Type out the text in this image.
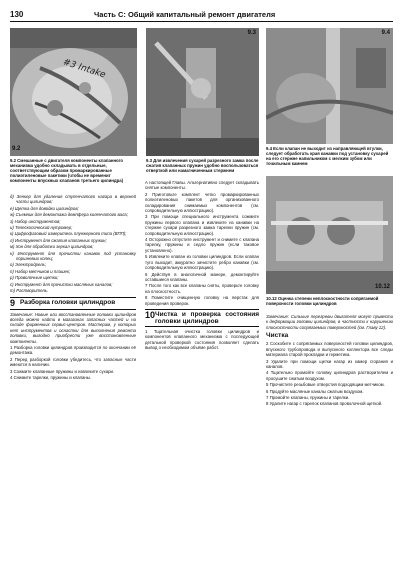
130	Часть С: Общий капитальный ремонт двигателя
#3 Intake
9.2
9.2 Смешанные с двигателя компоненты клапанного механизма удобно складывать в отдельные, соответствующим образом промаркированные полиэтиленовые пакетики (чтобы не временит компоненты впускных клапанов третьего цилиндра)
9.3
9.3 Для извлечения сухарей разрезного замка после сжатия клапанных пружин удобно воспользоваться отверткой или намагниченным стержнем
9.4
9.4 Если клапан не выходит из направляющей втулки, следует обработать края канавки под установку сухарей на его стержне напильником с мелким зубом или точильным камнем
10.12
10.12 Оценка степени неплоскостности сопрягаемой поверхности головки цилиндров

д) Зенкер для удаления ступенчатого нагара в верхней части цилиндров;

е) Щетка для доводки цилиндров;

ж) Съемник для демонтажа демпфера коленчатого вала;

з) Набор инструментов;

и) Телескопический нутромер;

к) Цифрофазовый измеритель плунжерного типа (ВПП);

л) Инструмент для сжатия клапанных пружин;

м) Хон для обработки зеркал цилиндров;

н) Инструмент для прочистки канавок под установку поршневых колец;

о) Электродрель;

п) Набор метчиков и плашек;

р) Проволочные щетки;

с) Инструмент для прочистки масляных каналов;

т) Растворитель.

9 Разборка головки цилиндров

Замечание: Новые или восстановленные головки цилиндров всегда можно найти в магазинах запасных частей и на складе фирменных сервис-центров. Мастерам, у которых нет инструментов и оснастки для выполнения ремонта головки, выгодно приобрести уже восстановленные компоненты.

1 Разборка головки цилиндров производится по окончании её демонтажа.

2 Перед разборкой головки убедитесь, что запасные части имеются в наличии.

3 Сожмите клапанные пружины и извлеките сухари.

4 Снимите тарелки, пружины и клапаны.

А настоящей Главы. Альтернативно следует складывать снятые компоненты.

2 Приготовьте комплект четко промаркированных полиэтиленовых пакетов для организованного складирования снимаемых компонентов (см. сопроводительную иллюстрацию).

3 При помощи специального инструмента сожмите пружины первого клапана и извлеките из канавки на стержне сухари разрезного замка тарелки пружин (см. сопроводительную иллюстрацию).

4 Осторожно отпустите инструмент и снимите с клапана тарелку, пружины и седло пружин (если таковое установлено).

5 Извлеките клапан из головки цилиндров. Если клапан туго выходит, аккуратно зачистите ребро канавки (см. сопроводительную иллюстрацию).

6 Действуя в аналогичной манере, демонтируйте оставшиеся клапаны.

7 После того как все клапаны сняты, проверьте головку на плоскостность.

8 Поместите очищенную головку на верстак для проведения проверок.

10 Чистка и проверка состояния головки цилиндров

1 Тщательная очистка головки цилиндров и компонентов клапанного механизма с последующей детальной проверкой состояния позволяет сделать вывод о необходимом объёме работ.

Замечание: Сильные перегревы двигателя могут привести к деформации головки цилиндров, в частности к нарушению плоскостности сопрягаемых поверхностей (см. Главу 12).

Чистка

2 Соскобите с сопрягаемых поверхностей головки цилиндров, впускного трубопровода и выпускного коллектора все следы материала старой прокладки и герметика.

3 Удалите при помощи щетки нагар из камер сгорания и каналов.

4 Тщательно промойте головку цилиндров растворителем и просушите сжатым воздухом.

5 Прочистите резьбовые отверстия подходящим метчиком.

6 Продуйте масляные каналы сжатым воздухом.

7 Промойте клапаны, пружины и тарелки.

8 Удалите нагар с тарелок клапанов проволочной щеткой.
